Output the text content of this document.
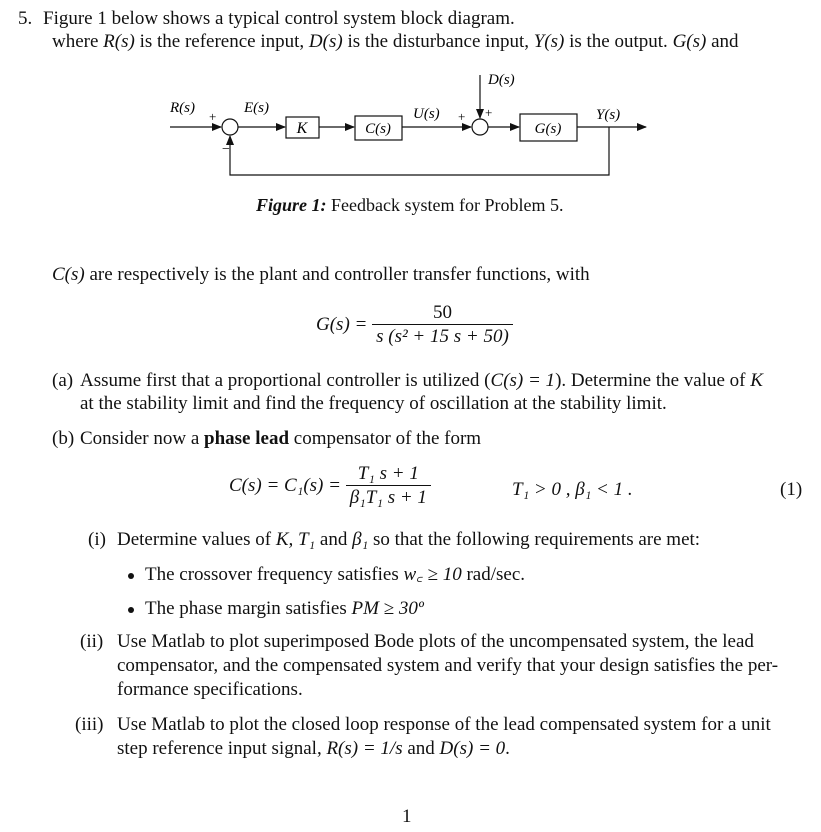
5. Figure 1 below shows a typical control system block diagram.
where R(s) is the reference input, D(s) is the disturbance input, Y(s) is the output. G(s) and
R(s)	E(s)	U(s)
D(s)
Y(s)
K	C(s)	G(s)
+
−
+ +
Figure 1: Feedback system for Problem 5.
C(s) are respectively is the plant and controller transfer functions, with
$G(s) = \frac{50}{\text{s (s² + 15 s + 50)}}$
(a) Assume first that a proportional controller is utilized (C(s) = 1). Determine the value of K
at the stability limit and find the frequency of oscillation at the stability limit.
(b) Consider now a phase lead compensator of the form
$C(s) = C_1(s) = \frac{\text{T₁ s + 1}}{\text{β₁T₁ s + 1}}$	T₁ > 0 , β₁ < 1 .	(1)
(i) Determine values of K, T₁ and β₁ so that the following requirements are met:
The crossover frequency satisfies w꜀ ≥ 10 rad/sec.
The phase margin satisfies PM ≥ 30º
(ii) Use Matlab to plot superimposed Bode plots of the uncompensated system, the lead
compensator, and the compensated system and verify that your design satisfies the per-
formance specifications.
(iii) Use Matlab to plot the closed loop response of the lead compensated system for a unit
step reference input signal, R(s) = 1/s and D(s) = 0.
1
